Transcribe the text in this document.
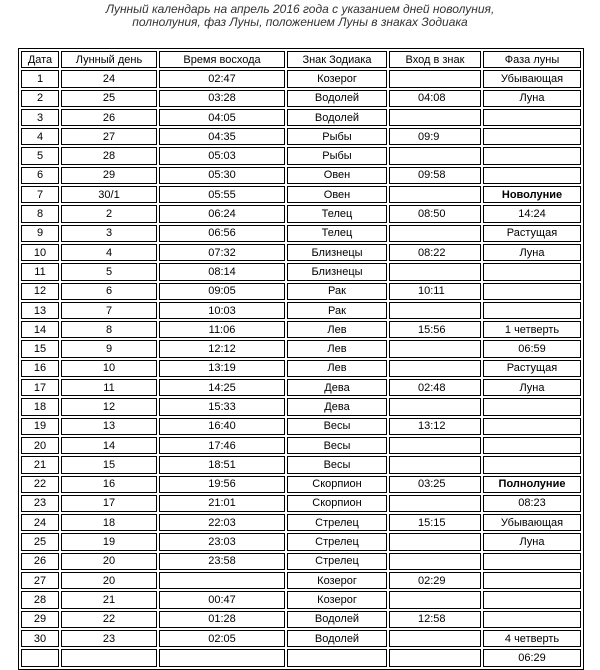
Лунный календарь на апрель 2016 года с указанием дней новолуния,
полнолуния, фаз Луны, положением Луны в знаках Зодиака
Дата	Лунный день	Время восхода	Знак Зодиака	Вход в знак	Фаза луны
1	24	02:47	Козерог		Убывающая
2	25	03:28	Водолей	04:08	Луна
3	26	04:05	Водолей		
4	27	04:35	Рыбы	09:9	
5	28	05:03	Рыбы		
6	29	05:30	Овен	09:58	
7	30/1	05:55	Овен		Новолуние
8	2	06:24	Телец	08:50	14:24
9	3	06:56	Телец		Растущая
10	4	07:32	Близнецы	08:22	Луна
11	5	08:14	Близнецы		
12	6	09:05	Рак	10:11	
13	7	10:03	Рак		
14	8	11:06	Лев	15:56	1 четверть
15	9	12:12	Лев		06:59
16	10	13:19	Лев		Растущая
17	11	14:25	Дева	02:48	Луна
18	12	15:33	Дева		
19	13	16:40	Весы	13:12	
20	14	17:46	Весы		
21	15	18:51	Весы		
22	16	19:56	Скорпион	03:25	Полнолуние
23	17	21:01	Скорпион		08:23
24	18	22:03	Стрелец	15:15	Убывающая
25	19	23:03	Стрелец		Луна
26	20	23:58	Стрелец		
27	20		Козерог	02:29	
28	21	00:47	Козерог		
29	22	01:28	Водолей	12:58	
30	23	02:05	Водолей		4 четверть
					06:29
